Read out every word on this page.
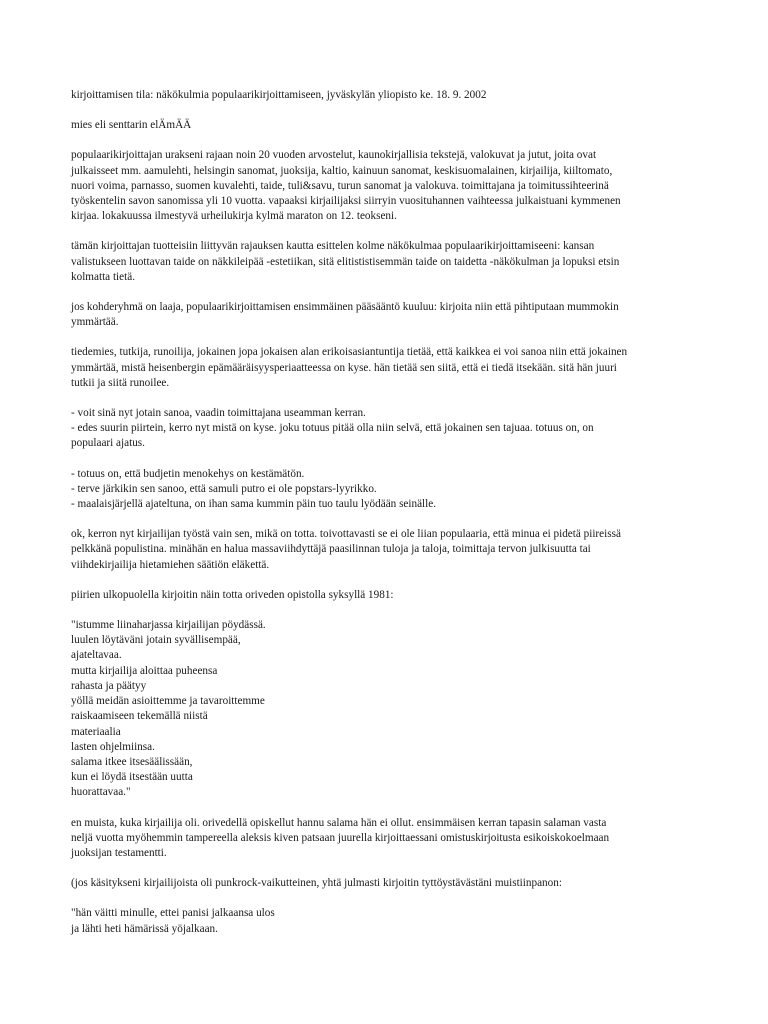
kirjoittamisen tila: näkökulmia populaarikirjoittamiseen, jyväskylän yliopisto ke. 18. 9. 2002

mies eli senttarin elÄmÄÄ

populaarikirjoittajan urakseni rajaan noin 20 vuoden arvostelut, kaunokirjallisia tekstejä, valokuvat ja jutut, joita ovat
julkaisseet mm. aamulehti, helsingin sanomat, juoksija, kaltio, kainuun sanomat, keskisuomalainen, kirjailija, kiiltomato,
nuori voima, parnasso, suomen kuvalehti, taide, tuli&savu, turun sanomat ja valokuva. toimittajana ja toimitussihteerinä
työskentelin savon sanomissa yli 10 vuotta. vapaaksi kirjailijaksi siirryin vuosituhannen vaihteessa julkaistuani kymmenen
kirjaa. lokakuussa ilmestyvä urheilukirja kylmä maraton on 12. teokseni.

tämän kirjoittajan tuotteisiin liittyvän rajauksen kautta esittelen kolme näkökulmaa populaarikirjoittamiseeni: kansan
valistukseen luottavan taide on näkkileipää -estetiikan, sitä elitististisemmän taide on taidetta -näkökulman ja lopuksi etsin
kolmatta tietä.

jos kohderyhmä on laaja, populaarikirjoittamisen ensimmäinen pääsääntö kuuluu: kirjoita niin että pihtiputaan mummokin
ymmärtää.

tiedemies, tutkija, runoilija, jokainen jopa jokaisen alan erikoisasiantuntija tietää, että kaikkea ei voi sanoa niin että jokainen
ymmärtää, mistä heisenbergin epämääräisyysperiaatteessa on kyse. hän tietää sen siitä, että ei tiedä itsekään. sitä hän juuri
tutkii ja siitä runoilee.

- voit sinä nyt jotain sanoa, vaadin toimittajana useamman kerran.
- edes suurin piirtein, kerro nyt mistä on kyse. joku totuus pitää olla niin selvä, että jokainen sen tajuaa. totuus on, on
populaari ajatus.

- totuus on, että budjetin menokehys on kestämätön.
- terve järkikin sen sanoo, että samuli putro ei ole popstars-lyyrikko.
- maalaisjärjellä ajateltuna, on ihan sama kummin päin tuo taulu lyödään seinälle.

ok, kerron nyt kirjailijan työstä vain sen, mikä on totta. toivottavasti se ei ole liian populaaria, että minua ei pidetä piireissä
pelkkänä populistina. minähän en halua massaviihdyttäjä paasilinnan tuloja ja taloja, toimittaja tervon julkisuutta tai
viihdekirjailija hietamiehen säätiön eläkettä.

piirien ulkopuolella kirjoitin näin totta oriveden opistolla syksyllä 1981:

"istumme liinaharjassa kirjailijan pöydässä.
luulen löytäväni jotain syvällisempää,
ajateltavaa.
mutta kirjailija aloittaa puheensa
rahasta ja päätyy
yöllä meidän asioittemme ja tavaroittemme
raiskaamiseen tekemällä niistä
materiaalia
lasten ohjelmiinsa.
salama itkee itsesäälissään,
kun ei löydä itsestään uutta
huorattavaa."

en muista, kuka kirjailija oli. orivedellä opiskellut hannu salama hän ei ollut. ensimmäisen kerran tapasin salaman vasta
neljä vuotta myöhemmin tampereella aleksis kiven patsaan juurella kirjoittaessani omistuskirjoitusta esikoiskokoelmaan
juoksijan testamentti.

(jos käsitykseni kirjailijoista oli punkrock-vaikutteinen, yhtä julmasti kirjoitin tyttöystävästäni muistiinpanon:

"hän väitti minulle, ettei panisi jalkaansa ulos
ja lähti heti hämärissä yöjalkaan.
